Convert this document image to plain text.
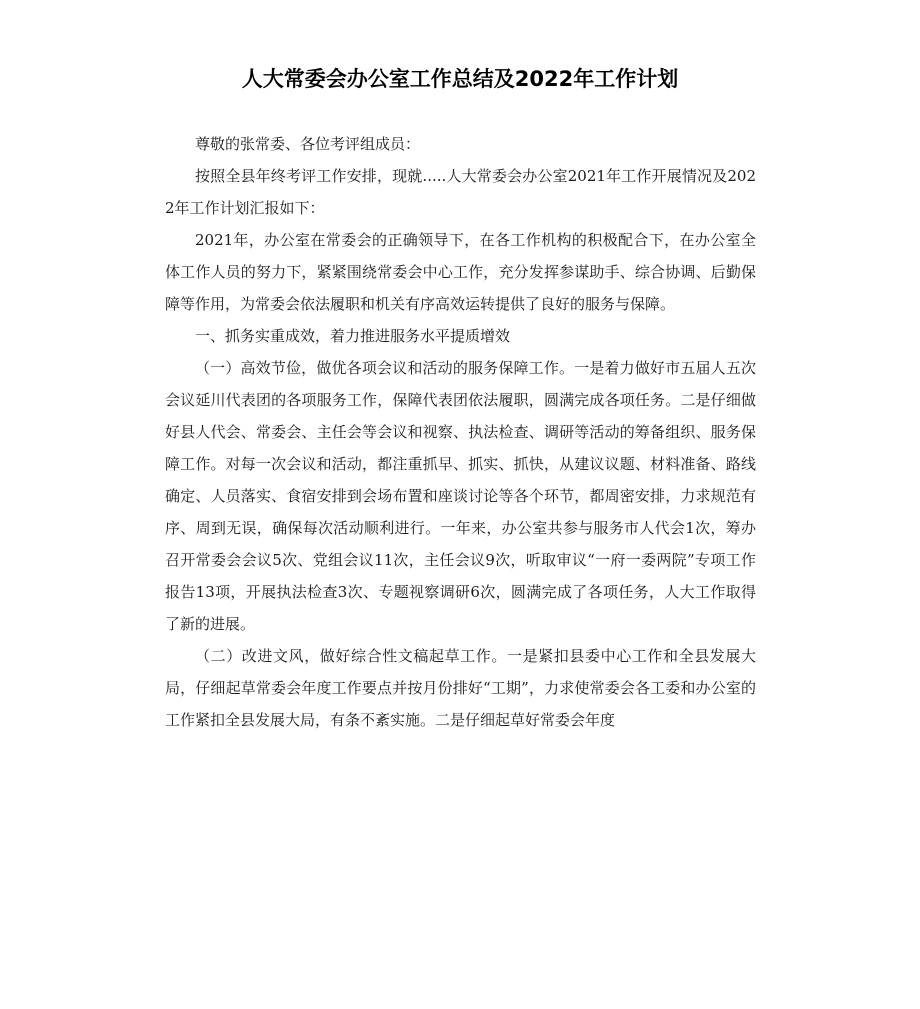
人大常委会办公室工作总结及2022年工作计划

尊敬的张常委、各位考评组成员：

按照全县年终考评工作安排，现就.....人大常委会办公室2021年工作开展情况及2022年工作计划汇报如下：

2021年，办公室在常委会的正确领导下，在各工作机构的积极配合下，在办公室全体工作人员的努力下，紧紧围绕常委会中心工作，充分发挥参谋助手、综合协调、后勤保障等作用，为常委会依法履职和机关有序高效运转提供了良好的服务与保障。

一、抓务实重成效，着力推进服务水平提质增效

（一）高效节俭，做优各项会议和活动的服务保障工作。一是着力做好市五届人五次会议延川代表团的各项服务工作，保障代表团依法履职，圆满完成各项任务。二是仔细做好县人代会、常委会、主任会等会议和视察、执法检查、调研等活动的筹备组织、服务保障工作。对每一次会议和活动，都注重抓早、抓实、抓快，从建议议题、材料准备、路线确定、人员落实、食宿安排到会场布置和座谈讨论等各个环节，都周密安排，力求规范有序、周到无误，确保每次活动顺利进行。一年来，办公室共参与服务市人代会1次，筹办召开常委会会议5次、党组会议11次，主任会议9次，听取审议“一府一委两院”专项工作报告13项，开展执法检查3次、专题视察调研6次，圆满完成了各项任务，人大工作取得了新的进展。

（二）改进文风，做好综合性文稿起草工作。一是紧扣县委中心工作和全县发展大局，仔细起草常委会年度工作要点并按月份排好“工期”，力求使常委会各工委和办公室的工作紧扣全县发展大局，有条不紊实施。二是仔细起草好常委会年度
